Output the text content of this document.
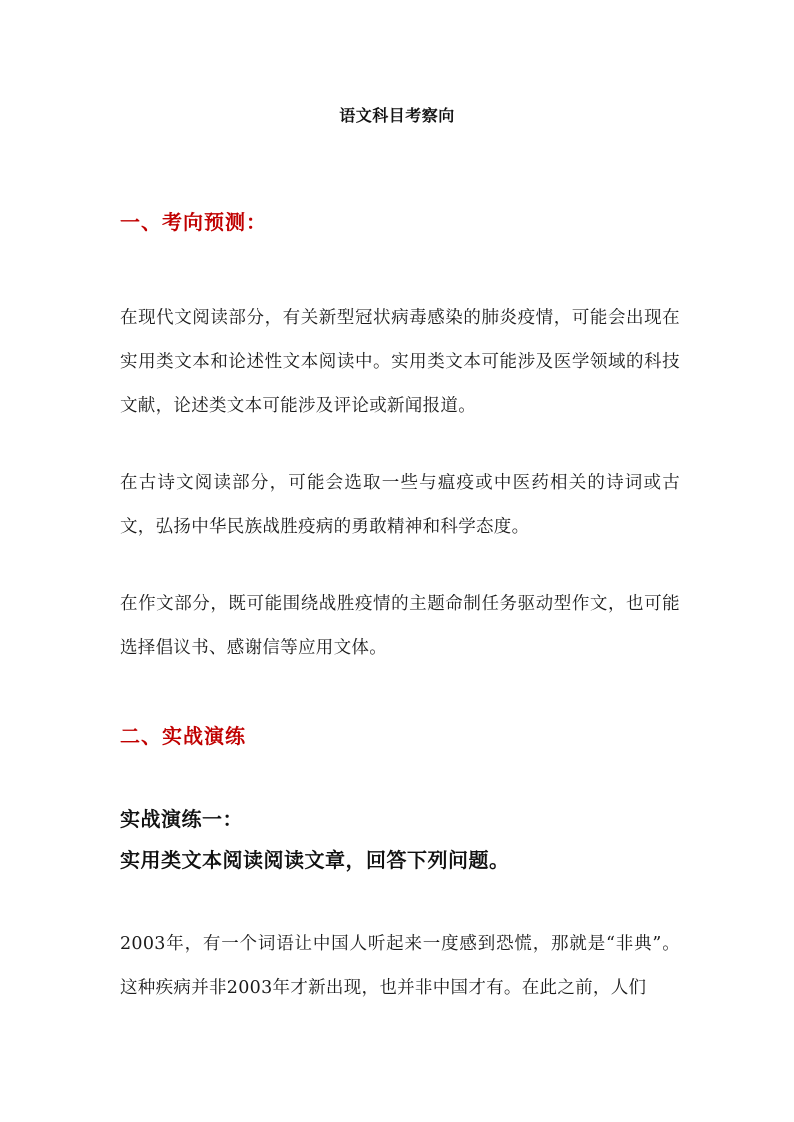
语文科目考察向
一、考向预测：
在现代文阅读部分，有关新型冠状病毒感染的肺炎疫情，可能会出现在实用类文本和论述性文本阅读中。实用类文本可能涉及医学领域的科技文献，论述类文本可能涉及评论或新闻报道。
在古诗文阅读部分，可能会选取一些与瘟疫或中医药相关的诗词或古文，弘扬中华民族战胜疫病的勇敢精神和科学态度。
在作文部分，既可能围绕战胜疫情的主题命制任务驱动型作文，也可能选择倡议书、感谢信等应用文体。
二、实战演练
实战演练一：
实用类文本阅读阅读文章，回答下列问题。
2003年，有一个词语让中国人听起来一度感到恐慌，那就是“非典”。这种疾病并非2003年才新出现，也并非中国才有。在此之前，人们
